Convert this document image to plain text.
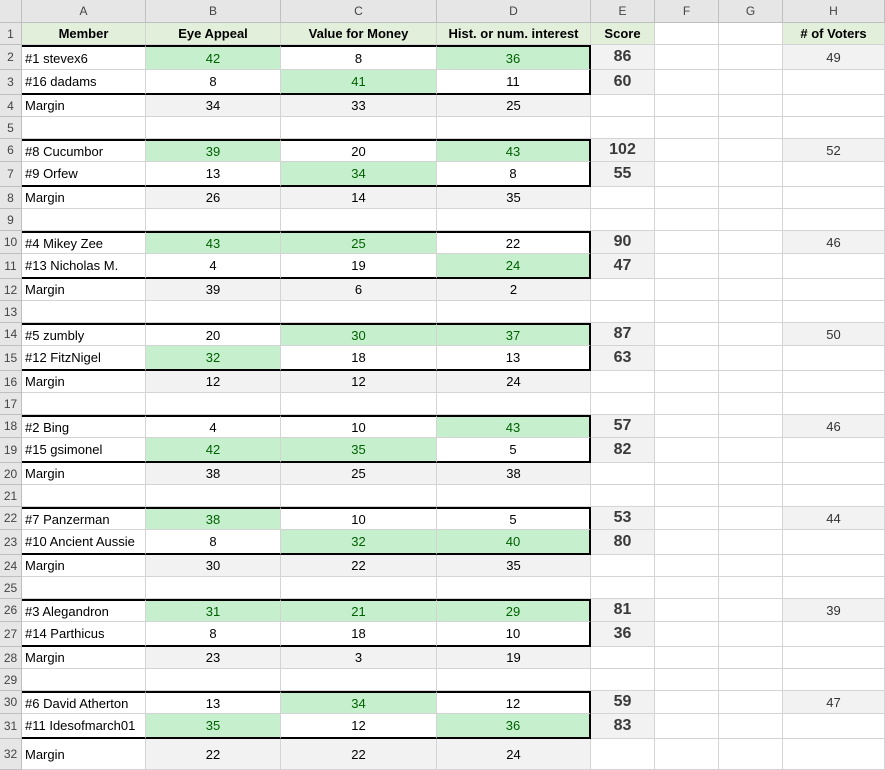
A	B	C	D	E	F	G	H
1
2
3
4
5
6
7
8
9
10
11
12
13
14
15
16
17
18
19
20
21
22
23
24
25
26
27
28
29
30
31
32
Member	Eye Appeal	Value for Money	Hist. or num. interest	Score	# of Voters
#1 stevex6	42	8	36	86	49
#16 dadams	8	41	11	60
Margin	34	33	25
#8 Cucumbor	39	20	43	102	52
#9 Orfew	13	34	8	55
Margin	26	14	35
#4 Mikey Zee	43	25	22	90	46
#13 Nicholas M.	4	19	24	47
Margin	39	6	2
#5 zumbly	20	30	37	87	50
#12 FitzNigel	32	18	13	63
Margin	12	12	24
#2 Bing	4	10	43	57	46
#15 gsimonel	42	35	5	82
Margin	38	25	38
#7 Panzerman	38	10	5	53	44
#10 Ancient Aussie	8	32	40	80
Margin	30	22	35
#3 Alegandron	31	21	29	81	39
#14 Parthicus	8	18	10	36
Margin	23	3	19
#6 David Atherton	13	34	12	59	47
#11 Idesofmarch01	35	12	36	83
Margin	22	22	24
